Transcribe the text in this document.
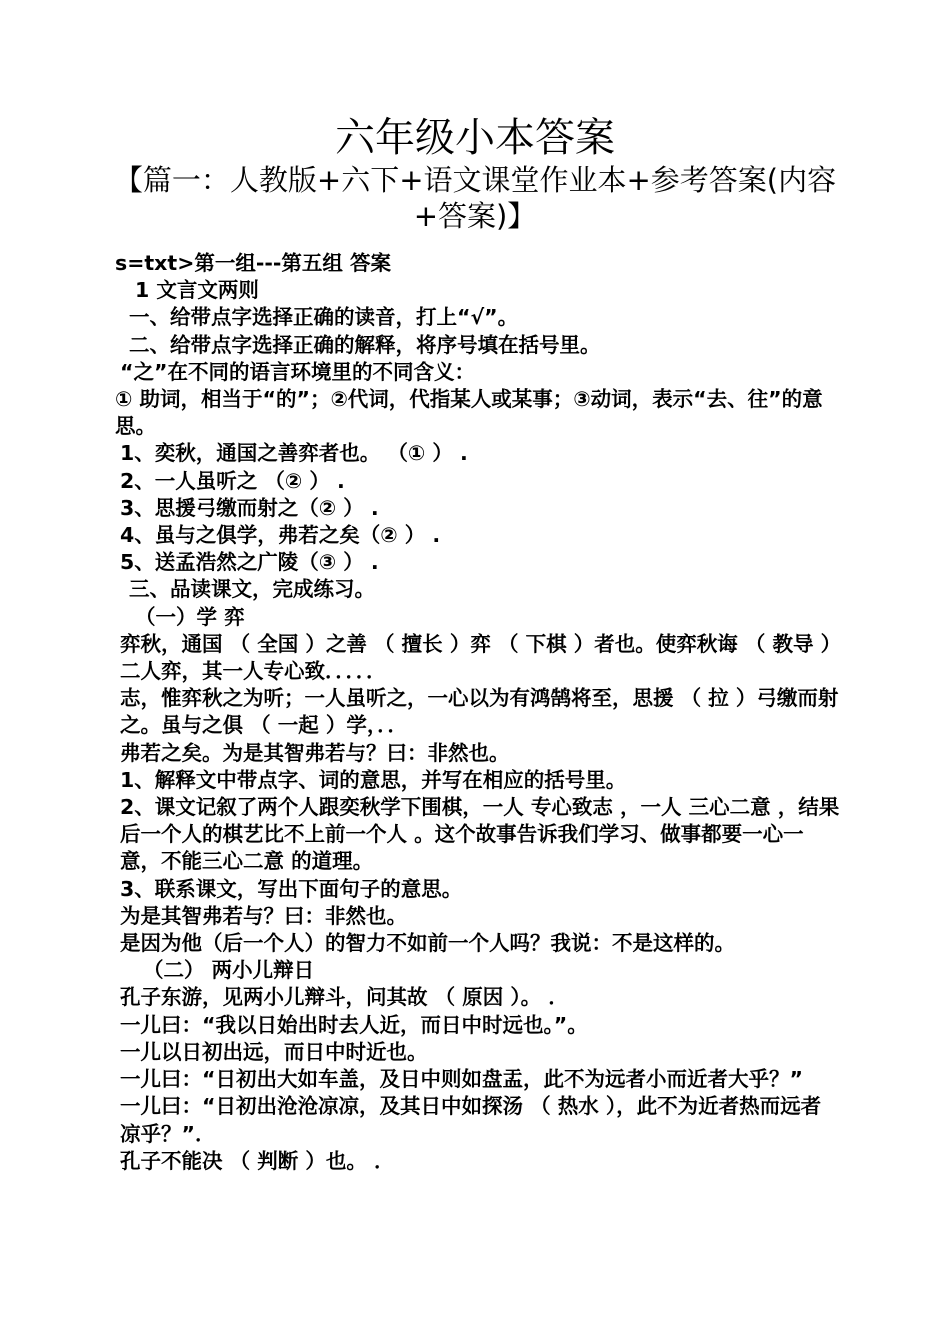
六年级小本答案
【篇一：人教版+六下+语文课堂作业本+参考答案(内容+答案)】

s=txt>第一组---第五组 答案

1 文言文两则

一、给带点字选择正确的读音，打上“√”。

二、给带点字选择正确的解释，将序号填在括号里。

“之”在不同的语言环境里的不同含义：

① 助词，相当于“的”；②代词，代指某人或某事；③动词，表示“去、往”的意思。

1、奕秋，通国之善弈者也。 （① ） .

2、一人虽听之 （② ） .

3、思援弓缴而射之（② ） .

4、虽与之俱学，弗若之矣（② ） .

5、送孟浩然之广陵（③ ） .

三、品读课文，完成练习。

（一）学 弈

弈秋，通国 （ 全国 ）之善 （ 擅长 ）弈 （ 下棋 ）者也。使弈秋诲 （ 教导 ）二人弈，其一人专心致．．．．．

志，惟弈秋之为听；一人虽听之，一心以为有鸿鹄将至，思援 （ 拉 ）弓缴而射之。虽与之俱 （ 一起 ）学，．．

弗若之矣。为是其智弗若与？曰：非然也。

1、解释文中带点字、词的意思，并写在相应的括号里。

2、课文记叙了两个人跟奕秋学下围棋，一人 专心致志 ，一人 三心二意 ，结果 后一个人的棋艺比不上前一个人 。这个故事告诉我们学习、做事都要一心一意，不能三心二意 的道理。

3、联系课文，写出下面句子的意思。

为是其智弗若与？曰：非然也。

是因为他（后一个人）的智力不如前一个人吗？我说：不是这样的。

（二） 两小儿辩日

孔子东游，见两小儿辩斗，问其故 （ 原因 ）。 ．

一儿曰：“我以日始出时去人近，而日中时远也。”。

一儿以日初出远，而日中时近也。

一儿曰：“日初出大如车盖，及日中则如盘盂，此不为远者小而近者大乎？”

一儿曰：“日初出沧沧凉凉，及其日中如探汤 （ 热水 ），此不为近者热而远者凉乎？”．

孔子不能决 （ 判断 ）也。 ．
